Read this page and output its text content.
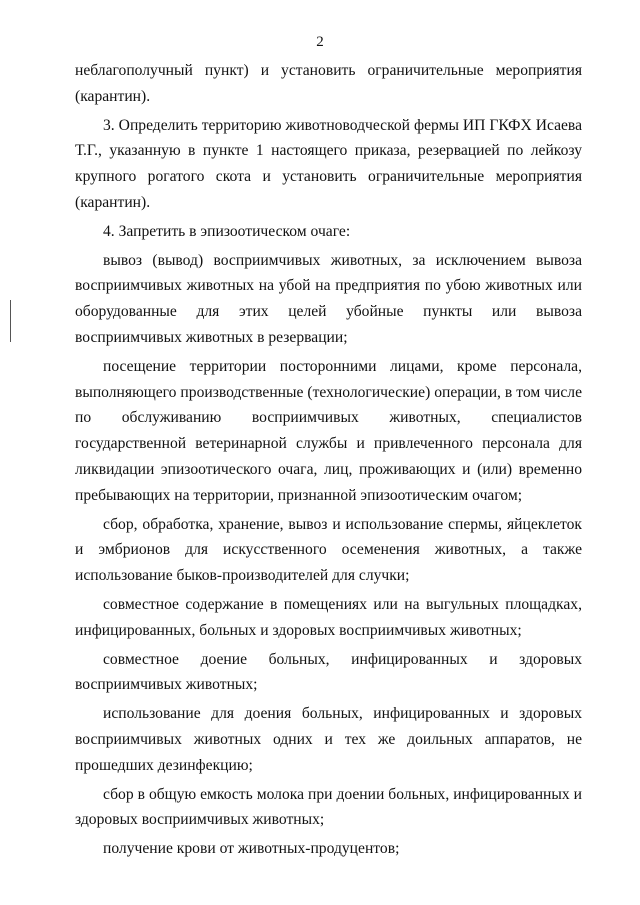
2

неблагополучный пункт) и установить ограничительные мероприятия (карантин).

3. Определить территорию животноводческой фермы ИП ГКФХ Исаева Т.Г., указанную в пункте 1 настоящего приказа, резервацией по лейкозу крупного рогатого скота и установить ограничительные мероприятия (карантин).

4. Запретить в эпизоотическом очаге:

вывоз (вывод) восприимчивых животных, за исключением вывоза восприимчивых животных на убой на предприятия по убою животных или оборудованные для этих целей убойные пункты или вывоза восприимчивых животных в резервации;

посещение территории посторонними лицами, кроме персонала, выполняющего производственные (технологические) операции, в том числе по обслуживанию восприимчивых животных, специалистов государственной ветеринарной службы и привлеченного персонала для ликвидации эпизоотического очага, лиц, проживающих и (или) временно пребывающих на территории, признанной эпизоотическим очагом;

сбор, обработка, хранение, вывоз и использование спермы, яйцеклеток и эмбрионов для искусственного осеменения животных, а также использование быков-производителей для случки;

совместное содержание в помещениях или на выгульных площадках, инфицированных, больных и здоровых восприимчивых животных;

совместное доение больных, инфицированных и здоровых восприимчивых животных;

использование для доения больных, инфицированных и здоровых восприимчивых животных одних и тех же доильных аппаратов, не прошедших дезинфекцию;

сбор в общую емкость молока при доении больных, инфицированных и здоровых восприимчивых животных;

получение крови от животных-продуцентов;
